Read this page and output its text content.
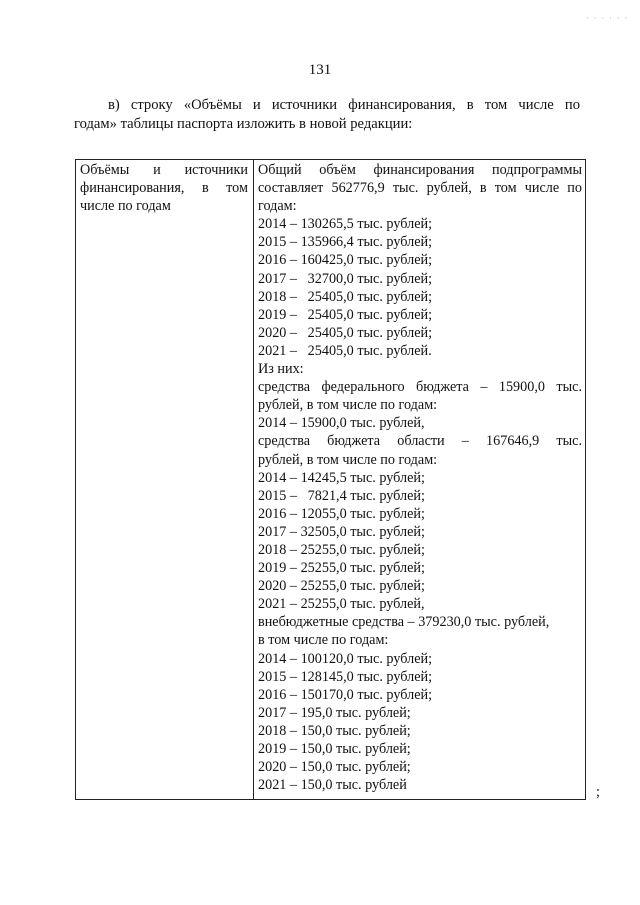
· · · · · ·
131
в) строку «Объёмы и источники финансирования, в том числе по
годам» таблицы паспорта изложить в новой редакции:
Объёмы и источники
финансирования, в том
числе по годам
Общий объём финансирования подпрограммы
составляет 562776,9 тыс. рублей, в том числе по
годам:
2014 – 130265,5 тыс. рублей;
2015 – 135966,4 тыс. рублей;
2016 – 160425,0 тыс. рублей;
2017 –   32700,0 тыс. рублей;
2018 –   25405,0 тыс. рублей;
2019 –   25405,0 тыс. рублей;
2020 –   25405,0 тыс. рублей;
2021 –   25405,0 тыс. рублей.
Из них:
средства федерального бюджета – 15900,0 тыс.
рублей, в том числе по годам:
2014 – 15900,0 тыс. рублей,
средства бюджета области – 167646,9 тыс.
рублей, в том числе по годам:
2014 – 14245,5 тыс. рублей;
2015 –   7821,4 тыс. рублей;
2016 – 12055,0 тыс. рублей;
2017 – 32505,0 тыс. рублей;
2018 – 25255,0 тыс. рублей;
2019 – 25255,0 тыс. рублей;
2020 – 25255,0 тыс. рублей;
2021 – 25255,0 тыс. рублей,
внебюджетные средства – 379230,0 тыс. рублей,
в том числе по годам:
2014 – 100120,0 тыс. рублей;
2015 – 128145,0 тыс. рублей;
2016 – 150170,0 тыс. рублей;
2017 – 195,0 тыс. рублей;
2018 – 150,0 тыс. рублей;
2019 – 150,0 тыс. рублей;
2020 – 150,0 тыс. рублей;
2021 – 150,0 тыс. рублей	;
